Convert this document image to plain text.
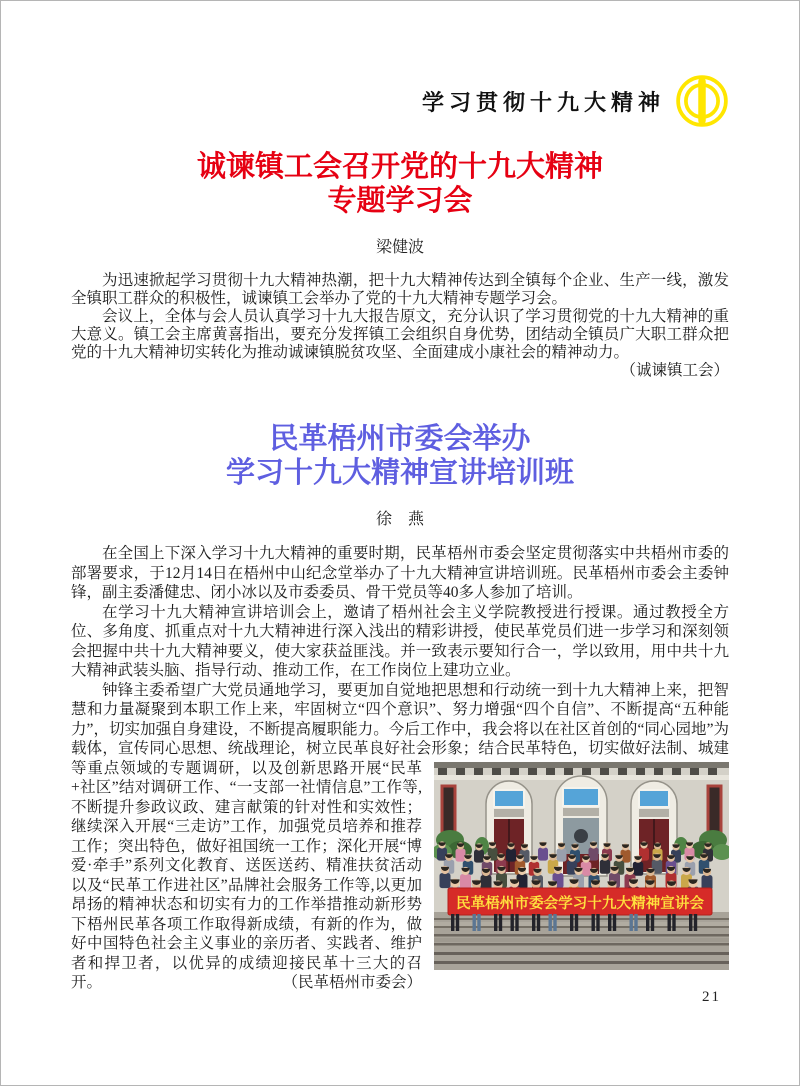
学习贯彻十九大精神
诚谏镇工会召开党的十九大精神
专题学习会
梁健波

为迅速掀起学习贯彻十九大精神热潮，把十九大精神传达到全镇每个企业、生产一线，激发全镇职工群众的积极性，诚谏镇工会举办了党的十九大精神专题学习会。

会议上，全体与会人员认真学习十九大报告原文，充分认识了学习贯彻党的十九大精神的重大意义。镇工会主席黄喜指出，要充分发挥镇工会组织自身优势，团结动全镇员广大职工群众把党的十九大精神切实转化为推动诚谏镇脱贫攻坚、全面建成小康社会的精神动力。
（诚谏镇工会）

民革梧州市委会举办
学习十九大精神宣讲培训班
徐　燕

在全国上下深入学习十九大精神的重要时期，民革梧州市委会坚定贯彻落实中共梧州市委的部署要求，于12月14日在梧州中山纪念堂举办了十九大精神宣讲培训班。民革梧州市委会主委钟锋，副主委潘健忠、闭小冰以及市委委员、骨干党员等40多人参加了培训。

在学习十九大精神宣讲培训会上，邀请了梧州社会主义学院教授进行授课。通过教授全方位、多角度、抓重点对十九大精神进行深入浅出的精彩讲授，使民革党员们进一步学习和深刻领会把握中共十九大精神要义，使大家获益匪浅。并一致表示要知行合一，学以致用，用中共十九大精神武装头脑、指导行动、推动工作，在工作岗位上建功立业。

钟锋主委希望广大党员通地学习，要更加自觉地把思想和行动统一到十九大精神上来，把智慧和力量凝聚到本职工作上来，牢固树立“四个意识”、努力增强“四个自信”、不断提高“五种能力”，切实加强自身建设，不断提高履职能力。今后工作中，我会将以在社区首创的“同心园地”为载体，宣传同心思想、统战理论，树立民革良好社会形象；结合民革特色，切实做好法制、城建等重点领域的专题调研，以
民革梧州市委会学习十九大精神宣讲会
及创新思路开展“民革+社区”结对调研工作、“一支部一社情信息”工作等,不断提升参政议政、建言献策的针对性和实效性；继续深入开展“三走访”工作，加强党员培养和推荐工作；突出特色，做好祖国统一工作；深化开展“博爱·牵手”系列文化教育、送医送药、精准扶贫活动以及“民革工作进社区”品牌社会服务工作等,以更加昂扬的精神状态和切实有力的工作举措推动新形势下梧州民革各项工作取得新成绩，有新的作为，做好中国特色社会主义事业的亲历者、实践者、维护者和捍卫者，以优异的成绩迎接民革十三大的召开。	（民革梧州市委会）

21
